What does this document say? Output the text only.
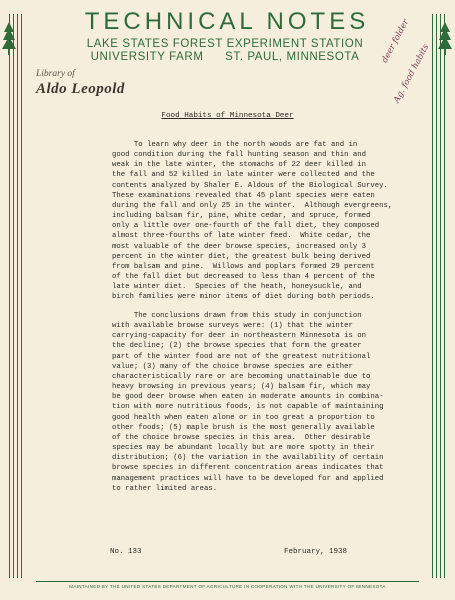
TECHNICAL NOTES
LAKE STATES FOREST EXPERIMENT STATION
UNIVERSITY FARM ST. PAUL, MINNESOTA
Library of
Aldo Leopold
deer folder
Ag. food habits
Food Habits of Minnesota Deer
To learn why deer in the north woods are fat and in
good condition during the fall hunting season and thin and
weak in the late winter, the stomachs of 22 deer killed in
the fall and 52 killed in late winter were collected and the
contents analyzed by Shaler E. Aldous of the Biological Survey.
These examinations revealed that 45 plant species were eaten
during the fall and only 25 in the winter.  Although evergreens,
including balsam fir, pine, white cedar, and spruce, formed
only a little over one-fourth of the fall diet, they composed
almost three-fourths of late winter feed.  White cedar, the
most valuable of the deer browse species, increased only 3
percent in the winter diet, the greatest bulk being derived
from balsam and pine.  Willows and poplars formed 29 percent
of the fall diet but decreased to less than 4 percent of the
late winter diet.  Species of the heath, honeysuckle, and
birch families were minor items of diet during both periods.
The conclusions drawn from this study in conjunction
with available browse surveys were: (1) that the winter
carrying-capacity for deer in northeastern Minnesota is on
the decline; (2) the browse species that form the greater
part of the winter food are not of the greatest nutritional
value; (3) many of the choice browse species are either
characteristically rare or are becoming unattainable due to
heavy browsing in previous years; (4) balsam fir, which may
be good deer browse when eaten in moderate amounts in combina-
tion with more nutritious foods, is not capable of maintaining
good health when eaten alone or in too great a proportion to
other foods; (5) maple brush is the most generally available
of the choice browse species in this area.  Other desirable
species may be abundant locally but are more spotty in their
distribution; (6) the variation in the availability of certain
browse species in different concentration areas indicates that
management practices will have to be developed for and applied
to rather limited areas.
No. 133	February, 1938
MAINTAINED BY THE UNITED STATES DEPARTMENT OF AGRICULTURE IN COOPERATION WITH THE UNIVERSITY OF MINNESOTA
